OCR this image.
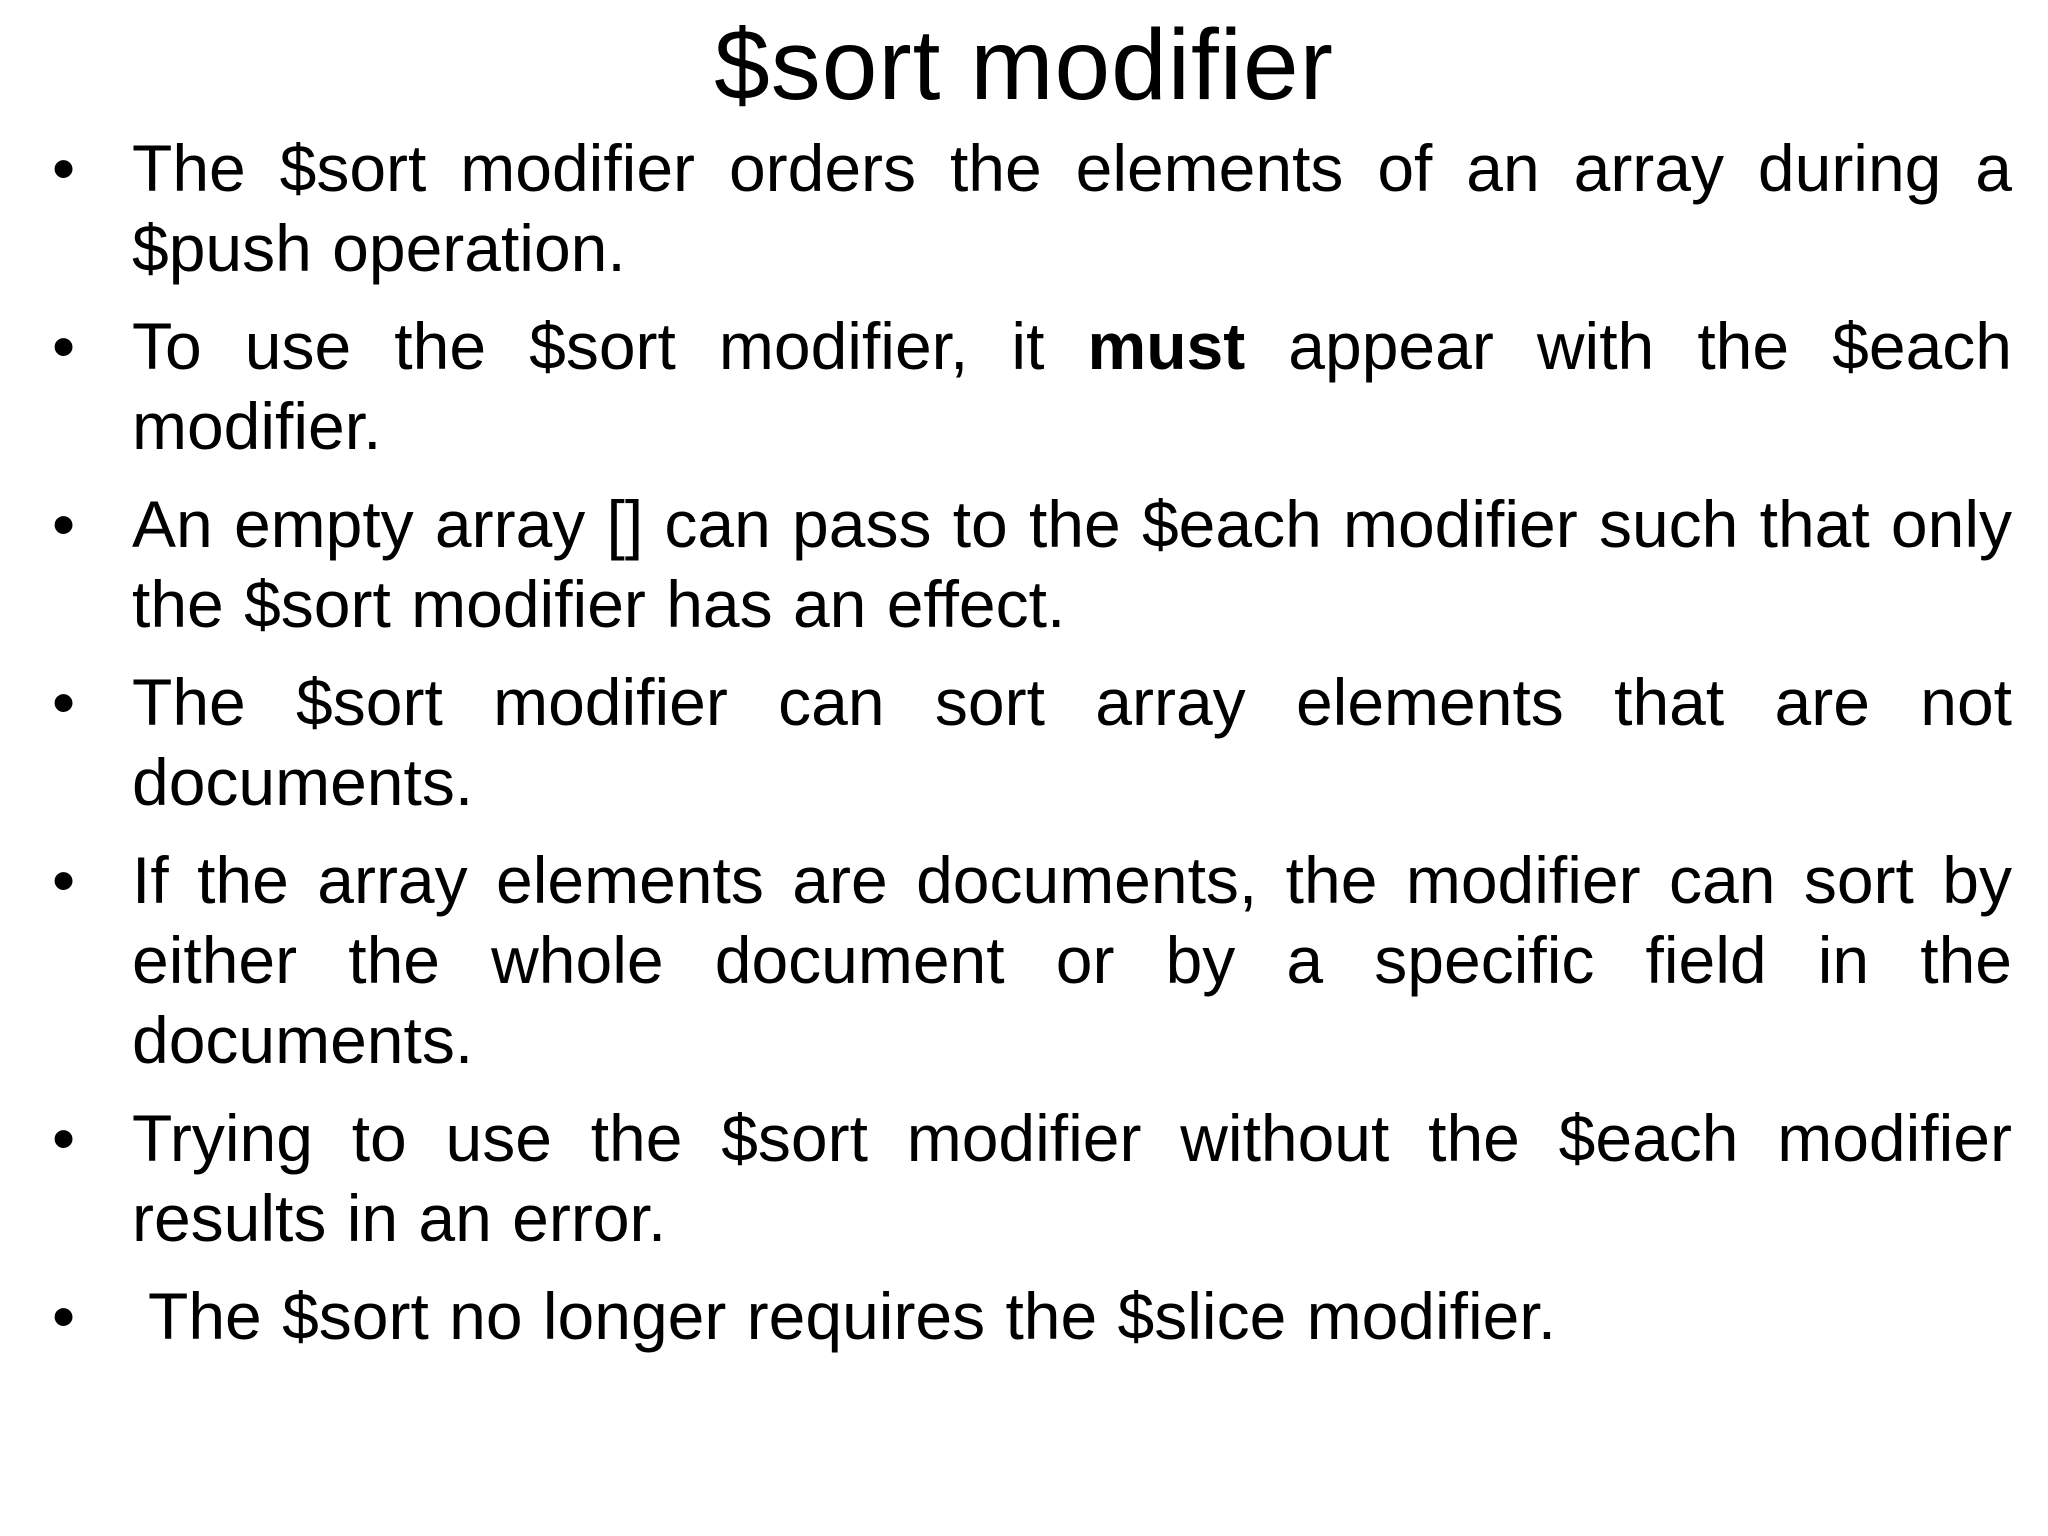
$sort modifier
• The $sort modifier orders the elements of an array during a $push operation.
• To use the $sort modifier, it must appear with the $each modifier.
• An empty array [] can pass to the $each modifier such that only the $sort modifier has an effect.
• The $sort modifier can sort array elements that are not documents.
• If the array elements are documents, the modifier can sort by either the whole document or by a specific field in the documents.
• Trying to use the $sort modifier without the $each modifier results in an error.
•	The $sort no longer requires the $slice modifier.
